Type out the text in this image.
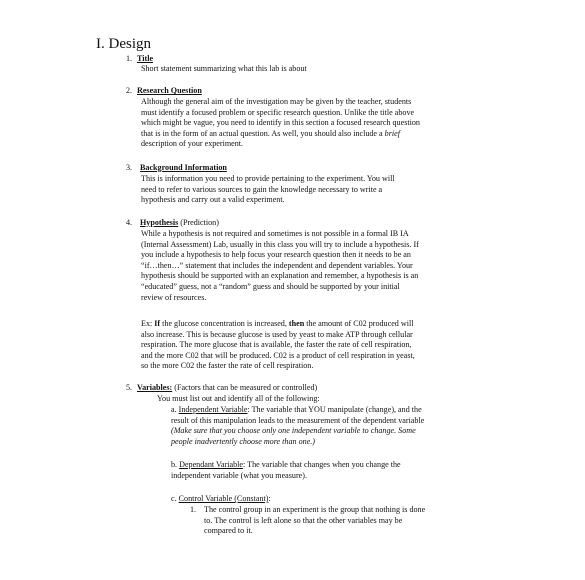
I. Design
1. Title
Short statement summarizing what this lab is about
2. Research Question
Although the general aim of the investigation may be given by the teacher, students
must identify a focused problem or specific research question. Unlike the title above
which might be vague, you need to identify in this section a focused research question
that is in the form of an actual question. As well, you should also include a brief
description of your experiment.
3. Background Information
This is information you need to provide pertaining to the experiment. You will
need to refer to various sources to gain the knowledge necessary to write a
hypothesis and carry out a valid experiment.
4. Hypothesis (Prediction)
While a hypothesis is not required and sometimes is not possible in a formal IB IA
(Internal Assessment) Lab, usually in this class you will try to include a hypothesis. If
you include a hypothesis to help focus your research question then it needs to be an
“if…then…” statement that includes the independent and dependent variables. Your
hypothesis should be supported with an explanation and remember, a hypothesis is an
“educated” guess, not a “random” guess and should be supported by your initial
review of resources.
Ex: If the glucose concentration is increased, then the amount of C02 produced will
also increase. This is because glucose is used by yeast to make ATP through cellular
respiration. The more glucose that is available, the faster the rate of cell respiration,
and the more C02 that will be produced. C02 is a product of cell respiration in yeast,
so the more C02 the faster the rate of cell respiration.
5. Variables: (Factors that can be measured or controlled)
You must list out and identify all of the following:
a. Independent Variable: The variable that YOU manipulate (change), and the
result of this manipulation leads to the measurement of the dependent variable
(Make sure that you choose only one independent variable to change. Some
people inadvertently choose more than one.)
b. Dependant Variable: The variable that changes when you change the
independent variable (what you measure).
c. Control Variable (Constant):
1. The control group in an experiment is the group that nothing is done
to. The control is left alone so that the other variables may be
compared to it.
